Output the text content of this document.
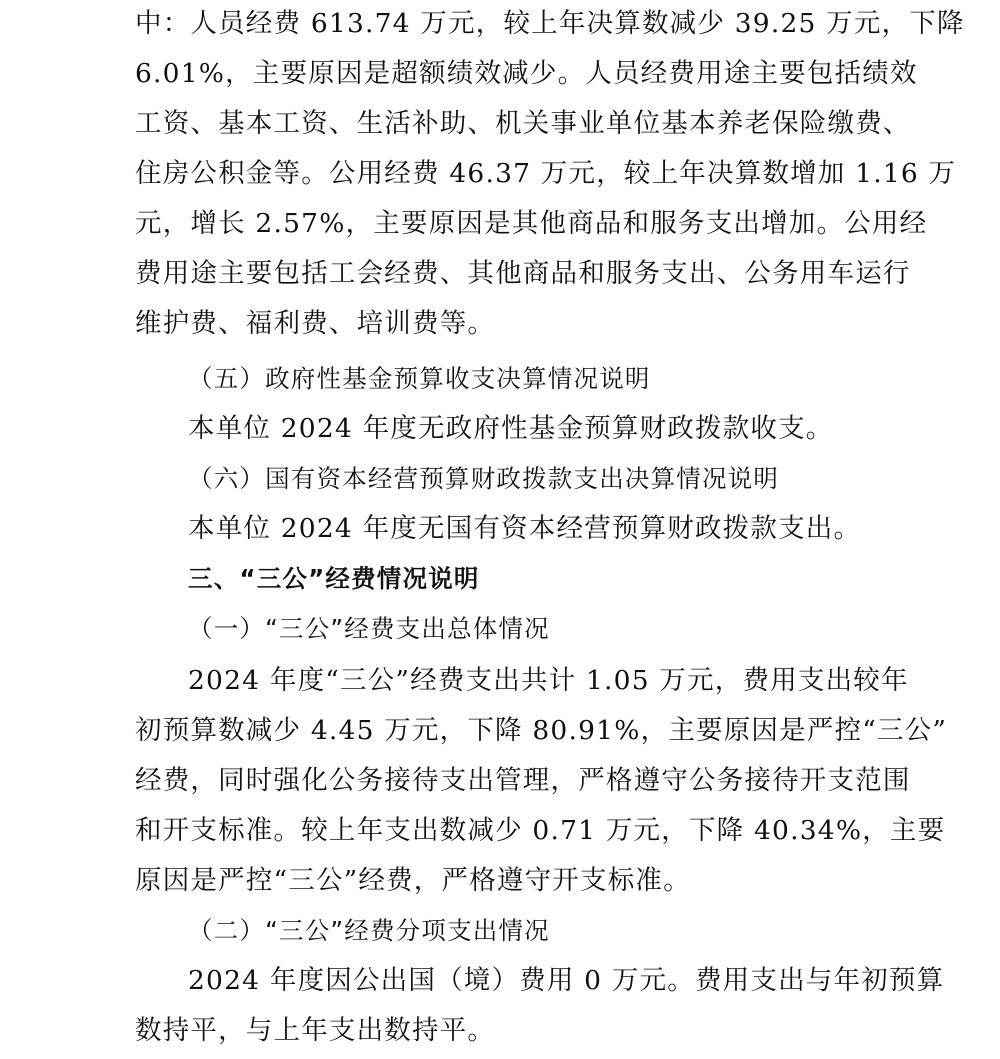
中：人员经费 613.74 万元，较上年决算数减少 39.25 万元，下降
6.01%，主要原因是超额绩效减少。人员经费用途主要包括绩效
工资、基本工资、生活补助、机关事业单位基本养老保险缴费、
住房公积金等。公用经费 46.37 万元，较上年决算数增加 1.16 万
元，增长 2.57%，主要原因是其他商品和服务支出增加。公用经
费用途主要包括工会经费、其他商品和服务支出、公务用车运行
维护费、福利费、培训费等。
（五）政府性基金预算收支决算情况说明
本单位 2024 年度无政府性基金预算财政拨款收支。
（六）国有资本经营预算财政拨款支出决算情况说明
本单位 2024 年度无国有资本经营预算财政拨款支出。
三、“三公”经费情况说明
（一）“三公”经费支出总体情况
2024 年度“三公”经费支出共计 1.05 万元，费用支出较年
初预算数减少 4.45 万元，下降 80.91%，主要原因是严控“三公”
经费，同时强化公务接待支出管理，严格遵守公务接待开支范围
和开支标准。较上年支出数减少 0.71 万元，下降 40.34%，主要
原因是严控“三公”经费，严格遵守开支标准。
（二）“三公”经费分项支出情况
2024 年度因公出国（境）费用 0 万元。费用支出与年初预算
数持平，与上年支出数持平。
